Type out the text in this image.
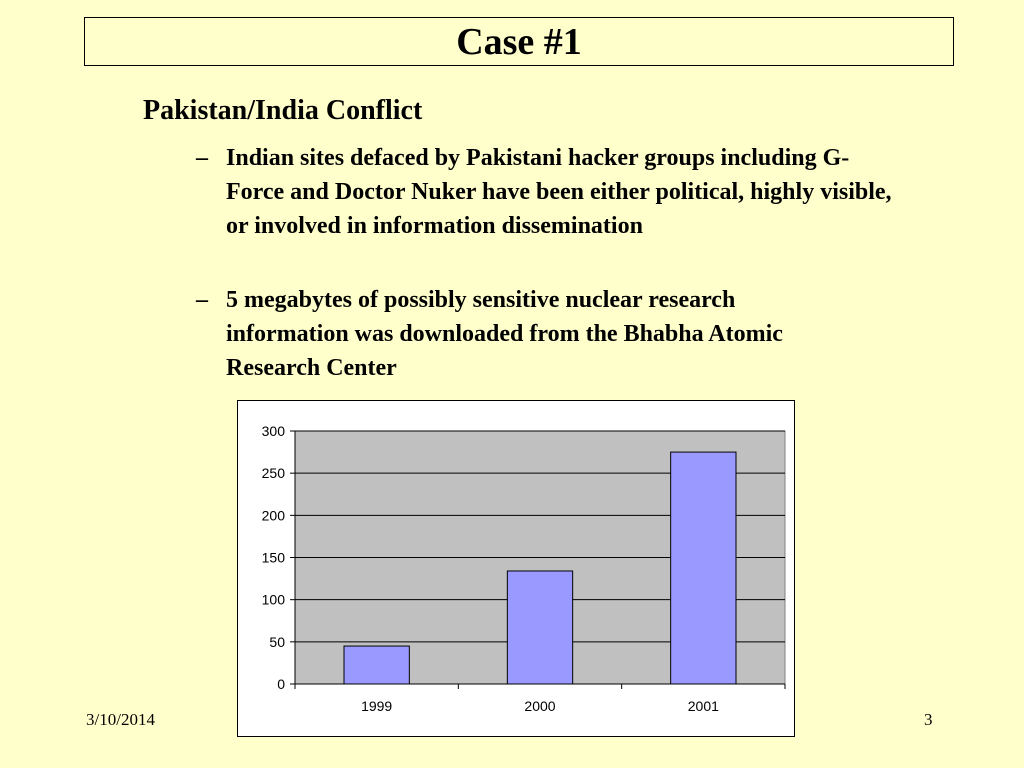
Case #1
Pakistan/India Conflict
– Indian sites defaced by Pakistani hacker groups including G-Force and Doctor Nuker have been either political, highly visible, or involved in information dissemination
– 5 megabytes of possibly sensitive nuclear research information was downloaded from the Bhabha Atomic Research Center
0
50
100
150
200
250
300
1999	2000	2001
3/10/2014	3
